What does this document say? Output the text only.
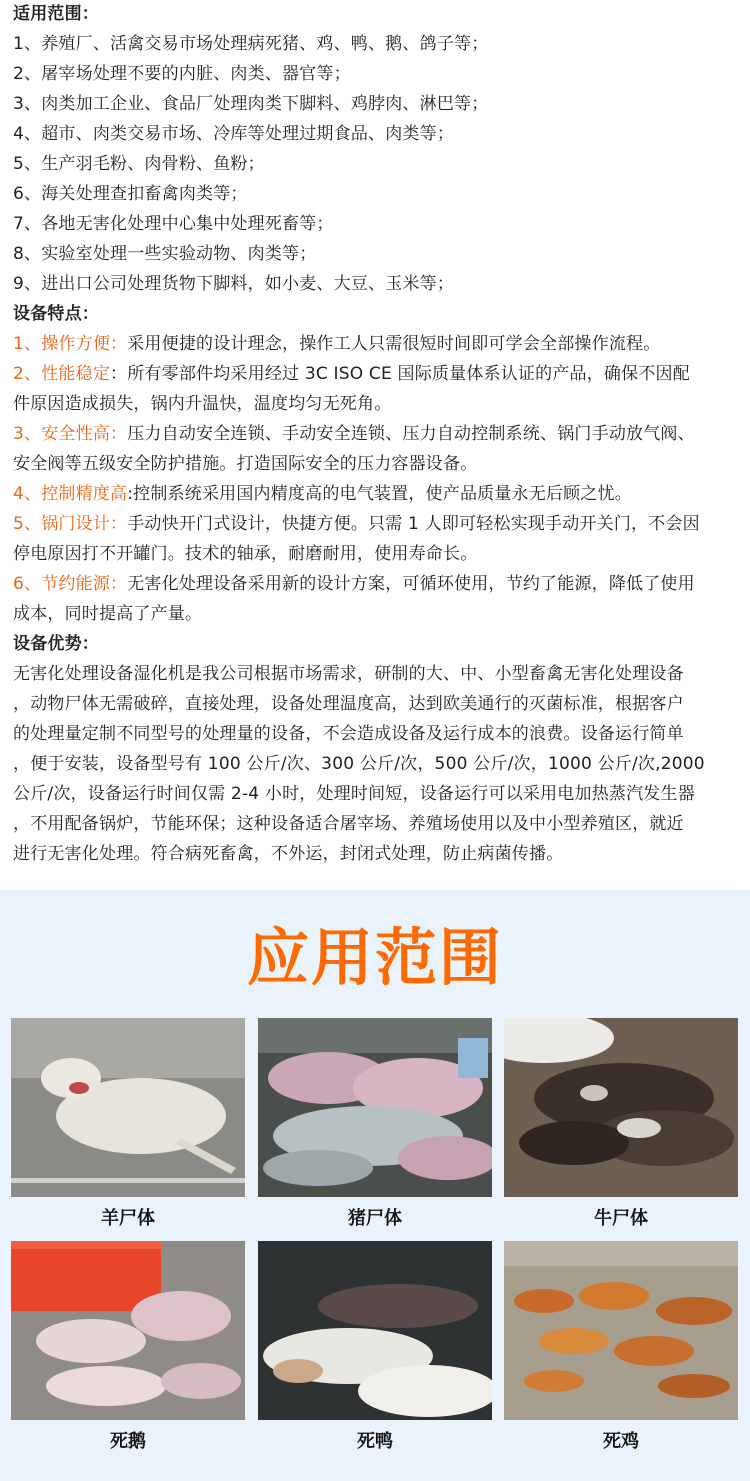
适用范围：
1、养殖厂、活禽交易市场处理病死猪、鸡、鸭、鹅、鸽子等；
2、屠宰场处理不要的内脏、肉类、器官等；
3、肉类加工企业、食品厂处理肉类下脚料、鸡脖肉、淋巴等；
4、超市、肉类交易市场、冷库等处理过期食品、肉类等；
5、生产羽毛粉、肉骨粉、鱼粉；
6、海关处理查扣畜禽肉类等；
7、各地无害化处理中心集中处理死畜等；
8、实验室处理一些实验动物、肉类等；
9、进出口公司处理货物下脚料，如小麦、大豆、玉米等；
设备特点：
1、操作方便：采用便捷的设计理念，操作工人只需很短时间即可学会全部操作流程。
2、性能稳定：所有零部件均采用经过 3C ISO CE 国际质量体系认证的产品，确保不因配
件原因造成损失，锅内升温快，温度均匀无死角。
3、安全性高：压力自动安全连锁、手动安全连锁、压力自动控制系统、锅门手动放气阀、
安全阀等五级安全防护措施。打造国际安全的压力容器设备。
4、控制精度高:控制系统采用国内精度高的电气装置，使产品质量永无后顾之忧。
5、锅门设计：手动快开门式设计，快捷方便。只需 1 人即可轻松实现手动开关门，不会因
停电原因打不开罐门。技术的轴承，耐磨耐用，使用寿命长。
6、节约能源：无害化处理设备采用新的设计方案，可循环使用，节约了能源，降低了使用
成本，同时提高了产量。
设备优势：
无害化处理设备湿化机是我公司根据市场需求，研制的大、中、小型畜禽无害化处理设备
，动物尸体无需破碎，直接处理，设备处理温度高，达到欧美通行的灭菌标准，根据客户
的处理量定制不同型号的处理量的设备，不会造成设备及运行成本的浪费。设备运行简单
，便于安装，设备型号有 100 公斤/次、300 公斤/次，500 公斤/次，1000 公斤/次,2000
公斤/次，设备运行时间仅需 2-4 小时，处理时间短，设备运行可以采用电加热蒸汽发生器
，不用配备锅炉，节能环保；这种设备适合屠宰场、养殖场使用以及中小型养殖区，就近
进行无害化处理。符合病死畜禽，不外运，封闭式处理，防止病菌传播。
应用范围
羊尸体	猪尸体	牛尸体
死鹅	死鸭	死鸡
